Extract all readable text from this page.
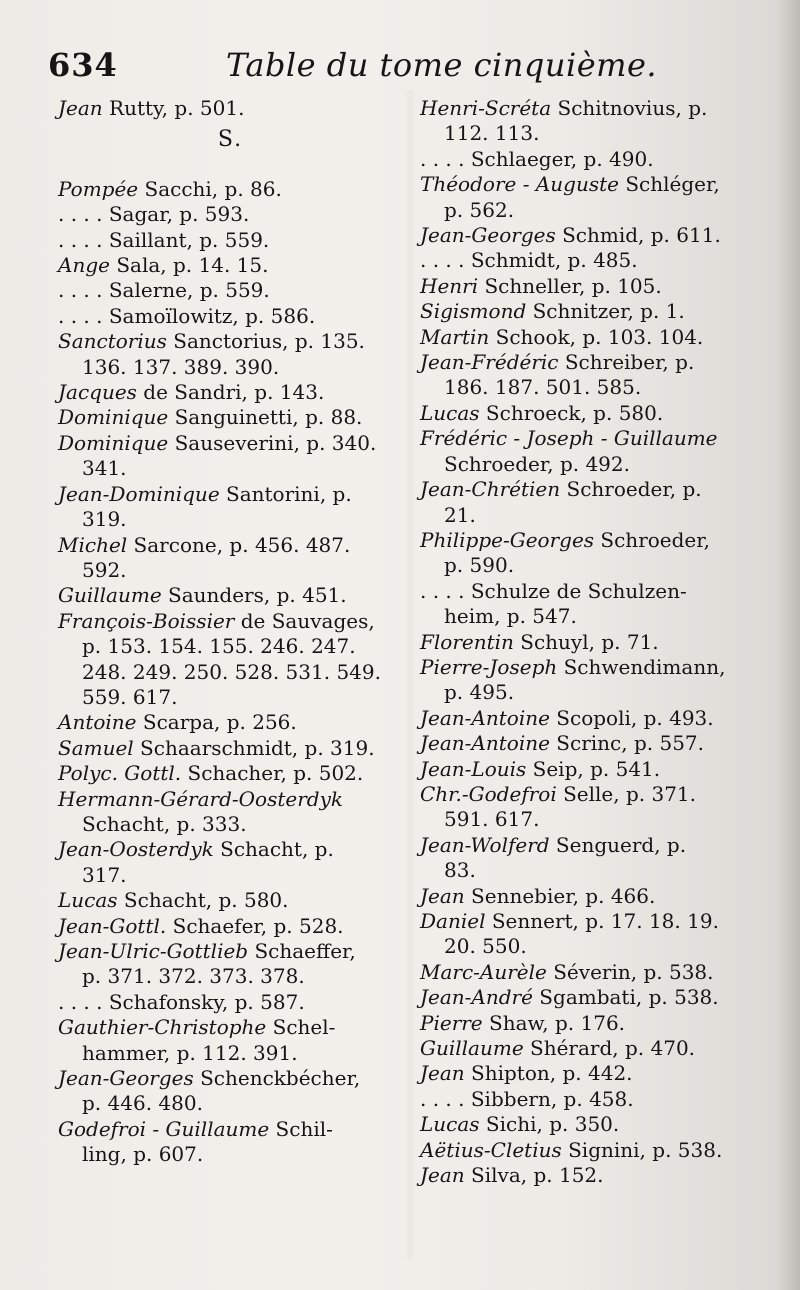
634	Table du tome cinquième.
Jean Rutty, p. 501.
S.
Pompée Sacchi, p. 86.
. . . . Sagar, p. 593.
. . . . Saillant, p. 559.
Ange Sala, p. 14. 15.
. . . . Salerne, p. 559.
. . . . Samoïlowitz, p. 586.
Sanctorius Sanctorius, p. 135.
136. 137. 389. 390.
Jacques de Sandri, p. 143.
Dominique Sanguinetti, p. 88.
Dominique Sauseverini, p. 340.
341.
Jean-Dominique Santorini, p.
319.
Michel Sarcone, p. 456. 487.
592.
Guillaume Saunders, p. 451.
François-Boissier de Sauvages,
p. 153. 154. 155. 246. 247. 248. 249. 250. 528. 531. 549. 559. 617.
Antoine Scarpa, p. 256.
Samuel Schaarschmidt, p. 319.
Polyc. Gottl. Schacher, p. 502.
Hermann-Gérard-Oosterdyk
Schacht, p. 333.
Jean-Oosterdyk Schacht, p.
317.
Lucas Schacht, p. 580.
Jean-Gottl. Schaefer, p. 528.
Jean-Ulric-Gottlieb Schaeffer,
p. 371. 372. 373. 378.
. . . . Schafonsky, p. 587.
Gauthier-Christophe Schel-
hammer, p. 112. 391.
Jean-Georges Schenckbécher,
p. 446. 480.
Godefroi - Guillaume Schil-
ling, p. 607.
Henri-Scréta Schitnovius, p.
112. 113.
. . . . Schlaeger, p. 490.
Théodore - Auguste Schléger,
p. 562.
Jean-Georges Schmid, p. 611.
. . . . Schmidt, p. 485.
Henri Schneller, p. 105.
Sigismond Schnitzer, p. 1.
Martin Schook, p. 103. 104.
Jean-Frédéric Schreiber, p.
186. 187. 501. 585.
Lucas Schroeck, p. 580.
Frédéric - Joseph - Guillaume
Schroeder, p. 492.
Jean-Chrétien Schroeder, p.
21.
Philippe-Georges Schroeder,
p. 590.
. . . . Schulze de Schulzen-
heim, p. 547.
Florentin Schuyl, p. 71.
Pierre-Joseph Schwendimann,
p. 495.
Jean-Antoine Scopoli, p. 493.
Jean-Antoine Scrinc, p. 557.
Jean-Louis Seip, p. 541.
Chr.-Godefroi Selle, p. 371.
591. 617.
Jean-Wolferd Senguerd, p.
83.
Jean Sennebier, p. 466.
Daniel Sennert, p. 17. 18. 19.
20. 550.
Marc-Aurèle Séverin, p. 538.
Jean-André Sgambati, p. 538.
Pierre Shaw, p. 176.
Guillaume Shérard, p. 470.
Jean Shipton, p. 442.
. . . . Sibbern, p. 458.
Lucas Sichi, p. 350.
Aëtius-Cletius Signini, p. 538.
Jean Silva, p. 152.
